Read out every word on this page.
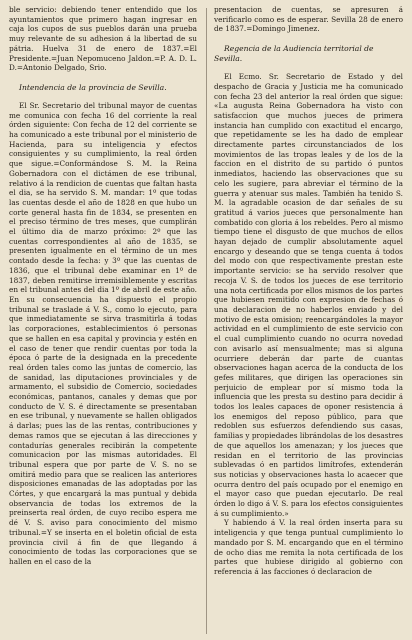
ble servicio: debiendo tener entendido que los ayuntamientos que primero hagan ingresar en caja los cupos de sus pueblos darán una prueba muy relevante de su adhesion á la libertad de su pátria. Huelva 31 de enero de 1837.=El Presidente.=Juan Nepomuceno Jaldon.=P. A. D. L. D.=Antonio Delgado, Srio.

Intendencia de la provincia de Sevilla.

El Sr. Secretario del tribunal mayor de cuentas me comunica con fecha 16 del corriente la real órden siguiente: Con fecha de 12 del corriente se ha comunicado a este tribunal por el ministerio de Hacienda, para su inteligencia y efectos consiguientes y su cumplimiento, la real órden que sigue.=Conformándose S. M. la Reina Gobernadora con el dictámen de ese tribunal, relativo á la rendicion de cuentas que faltan hasta el dia, se ha servido S. M. mandar: 1º que todas las cuentas desde el año de 1828 en que hubo un corte general hasta fin de 1834, se presenten en el preciso término de tres meses, que cumplirán el último dia de marzo próximo: 2º que las cuentas correspondientes al año de 1835, se presenten igualmente en el término de un mes contado desde la fecha: y 3º que las cuentas de 1836, que el tribunal debe examinar en 1º de 1837, deben remitirse irremisiblemente y escritas en el tribunal antes del dia 1º de abril de este año. En su consecuencia ha dispuesto el propio tribunal se traslade á V. S., como lo ejecuto, para que inmediatamente se sirva trasmitirla á todas las corporaciones, establecimientos ó personas que se hallen en esa capital y provincia y estén en el caso de tener que rendir cuentas por toda la época ó parte de la designada en la precedente real órden tales como las juntas de comercio, las de sanidad, las diputaciones provinciales y de armamento, el subsidio de Comercio, sociedades económicas, pantanos, canales y demas que por conducto de V. S. é directamente se presentaban en ese tribunal, y nuevamente se hallen obligados á darlas; pues las de las rentas, contribuciones y demas ramos que se ejecutan á las direcciones y contadurías generales recibirán la competente comunicacion por las mismas autoridades. El tribunal espera que por parte de V. S. no se omitirá medio para que se realicen las anteriores disposiciones emanadas de las adoptadas por las Córtes, y que encargará la mas puntual y debida observancia de todas los extremos de la preinserta real órden, de cuyo recibo espera me dé V. S. aviso para conocimiento del mismo tribunal.=Y se inserta en el boletin oficial de esta provincia civil á fin de que llegando á conocimiento de todas las corporaciones que se hallen en el caso de la

presentacion de cuentas, se apresuren á verificarlo como es de esperar. Sevilla 28 de enero de 1837.=Domingo Jimenez.

Regencia de la Audiencia territorial de Sevilla.

El Ecmo. Sr. Secretario de Estado y del despacho de Gracia y Justicia me ha comunicado con fecha 23 del anterior la real órden que sigue: «La augusta Reina Gobernadora ha visto con satisfaccion que muchos jueces de primera instancia han cumplido con exactitud el encargo, que repetidamente se les ha dado de emplear directamente partes circunstanciados de los movimientos de las tropas leales y de los de la faccion en el distrito de su partido ó puntos inmediatos, haciendo las observaciones que su celo les sugiere, para abreviar el término de la guerra y atenuar sus males. También ha tenido S. M. la agradable ocasion de dar señales de su gratitud á varios jueces que personalmente han combatido con gloria á los rebeldes. Pero al mismo tiempo tiene el disgusto de que muchos de ellos hayan dejado de cumplir absolutamente aquel encargo y deseando que se tenga cuenta á todos del modo con que respectivamente prestan este importante servicio: se ha servido resolver que recoja V. S. de todos los jueces de ese territorio una nota certificada por ellos mismos de los partes que hubiesen remitido con expresion de fechas ó una declaracion de no haberlos enviado y del motivo de esta omision; reencargándoles la mayor actividad en el cumplimiento de este servicio con el cual cumplimiento cuando no ocurra novedad con avisarlo así mensualmente; mas si alguna ocurriere deberán dar parte de cuantas observaciones hagan acerca de la conducta de los gefes militares, que dirigen las operaciones sin perjuicio de emplear por sí mismo toda la influencia que les presta su destino para decidir á todos los leales capaces de oponer resistencia á los enemigos del reposo público, para que redoblen sus esfuerzos defendiendo sus casas, familias y propiedades librándolas de los desastres de que aquellos los amenazan; y los jueces que residan en el territorio de las provincias sublevadas ó en partidos limítrofes, extenderán sus noticias y observaciones hasta lo acaecer que ocurra dentro del país ocupado por el enemigo en el mayor caso que puedan ejecutarlo. De real órden lo digo á V. S. para los efectos consiguientes á su cumplimiento.»

Y habiendo á V. la real órden inserta para su inteligencia y que tenga puntual cumplimiento lo mandado por S. M. encargando que en el término de ocho dias me remita la nota certificada de los partes que hubiese dirigido al gobierno con referencia á las facciones ó declaracion de
